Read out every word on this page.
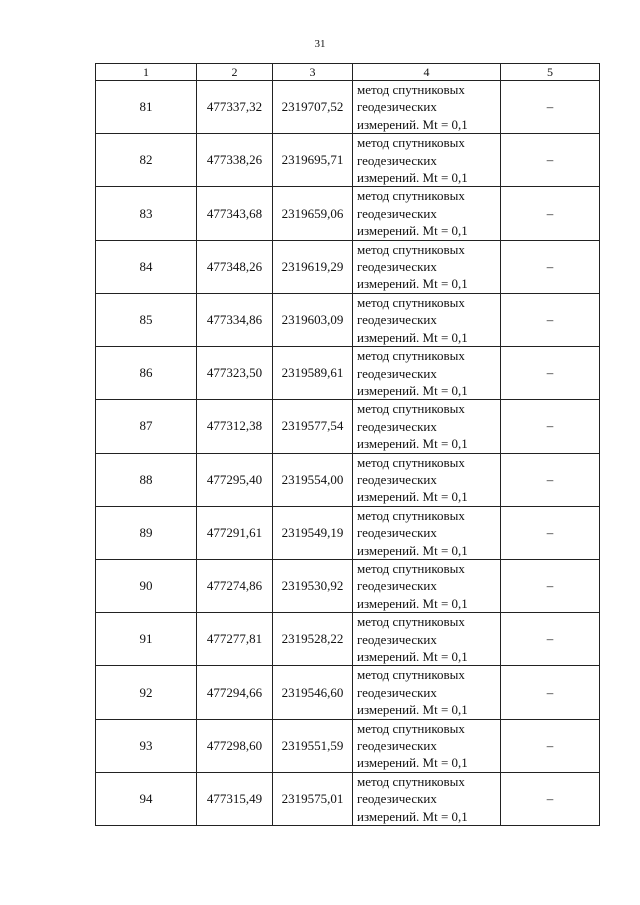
31
1	2	3	4	5
81	477337,32	2319707,52	метод спутниковых
геодезических
измерений. Mt = 0,1	–
82	477338,26	2319695,71	метод спутниковых
геодезических
измерений. Mt = 0,1	–
83	477343,68	2319659,06	метод спутниковых
геодезических
измерений. Mt = 0,1	–
84	477348,26	2319619,29	метод спутниковых
геодезических
измерений. Mt = 0,1	–
85	477334,86	2319603,09	метод спутниковых
геодезических
измерений. Mt = 0,1	–
86	477323,50	2319589,61	метод спутниковых
геодезических
измерений. Mt = 0,1	–
87	477312,38	2319577,54	метод спутниковых
геодезических
измерений. Mt = 0,1	–
88	477295,40	2319554,00	метод спутниковых
геодезических
измерений. Mt = 0,1	–
89	477291,61	2319549,19	метод спутниковых
геодезических
измерений. Mt = 0,1	–
90	477274,86	2319530,92	метод спутниковых
геодезических
измерений. Mt = 0,1	–
91	477277,81	2319528,22	метод спутниковых
геодезических
измерений. Mt = 0,1	–
92	477294,66	2319546,60	метод спутниковых
геодезических
измерений. Mt = 0,1	–
93	477298,60	2319551,59	метод спутниковых
геодезических
измерений. Mt = 0,1	–
94	477315,49	2319575,01	метод спутниковых
геодезических
измерений. Mt = 0,1	–
